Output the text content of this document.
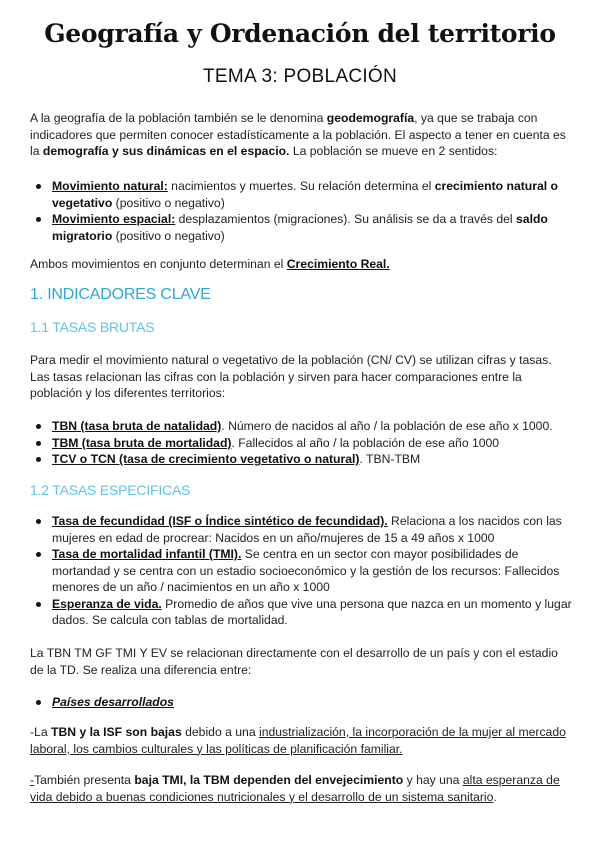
Geografía y Ordenación del territorio
TEMA 3: POBLACIÓN

A la geografía de la población también se le denomina geodemografía, ya que se trabaja con indicadores que permiten conocer estadísticamente a la población. El aspecto a tener en cuenta es la demografía y sus dinámicas en el espacio. La población se mueve en 2 sentidos:

Movimiento natural: nacimientos y muertes. Su relación determina el crecimiento natural o vegetativo (positivo o negativo)
Movimiento espacial: desplazamientos (migraciones). Su análisis se da a través del saldo migratorio (positivo o negativo)

Ambos movimientos en conjunto determinan el Crecimiento Real.

1. INDICADORES CLAVE
1.1 TASAS BRUTAS

Para medir el movimiento natural o vegetativo de la población (CN/ CV) se utilizan cifras y tasas. Las tasas relacionan las cifras con la población y sirven para hacer comparaciones entre la población y los diferentes territorios:

TBN (tasa bruta de natalidad). Número de nacidos al año / la población de ese año x 1000.
TBM (tasa bruta de mortalidad). Fallecidos al año / la población de ese año 1000
TCV o TCN (tasa de crecimiento vegetativo o natural). TBN-TBM
1.2 TASAS ESPECIFICAS
Tasa de fecundidad (ISF o Índice sintético de fecundidad). Relaciona a los nacidos con las mujeres en edad de procrear: Nacidos en un año/mujeres de 15 a 49 años x 1000
Tasa de mortalidad infantil (TMI). Se centra en un sector con mayor posibilidades de mortandad y se centra con un estadio socioeconómico y la gestión de los recursos: Fallecidos menores de un año / nacimientos en un año x 1000
Esperanza de vida. Promedio de años que vive una persona que nazca en un momento y lugar dados. Se calcula con tablas de mortalidad.

La TBN TM GF TMI Y EV se relacionan directamente con el desarrollo de un país y con el estadio de la TD. Se realiza una diferencia entre:

Países desarrollados

-La TBN y la ISF son bajas debido a una industrialización, la incorporación de la mujer al mercado laboral, los cambios culturales y las políticas de planificación familiar.

-También presenta baja TMI, la TBM dependen del envejecimiento y hay una alta esperanza de vida debido a buenas condiciones nutricionales y el desarrollo de un sistema sanitario.
